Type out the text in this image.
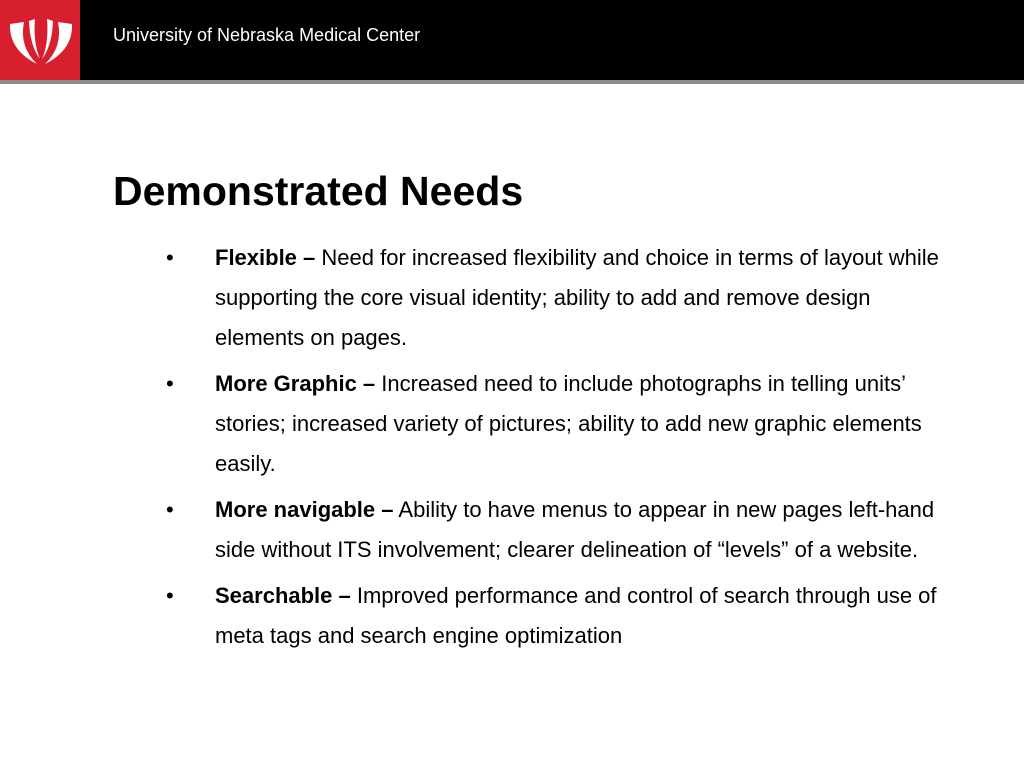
University of Nebraska Medical Center
Demonstrated Needs
• Flexible – Need for increased flexibility and choice in terms of layout while supporting the core visual identity; ability to add and remove design elements on pages.
• More Graphic – Increased need to include photographs in telling units’ stories; increased variety of pictures; ability to add new graphic elements easily.
• More navigable – Ability to have menus to appear in new pages left-hand side without ITS involvement; clearer delineation of “levels” of a website.
• Searchable – Improved performance and control of search through use of meta tags and search engine optimization
